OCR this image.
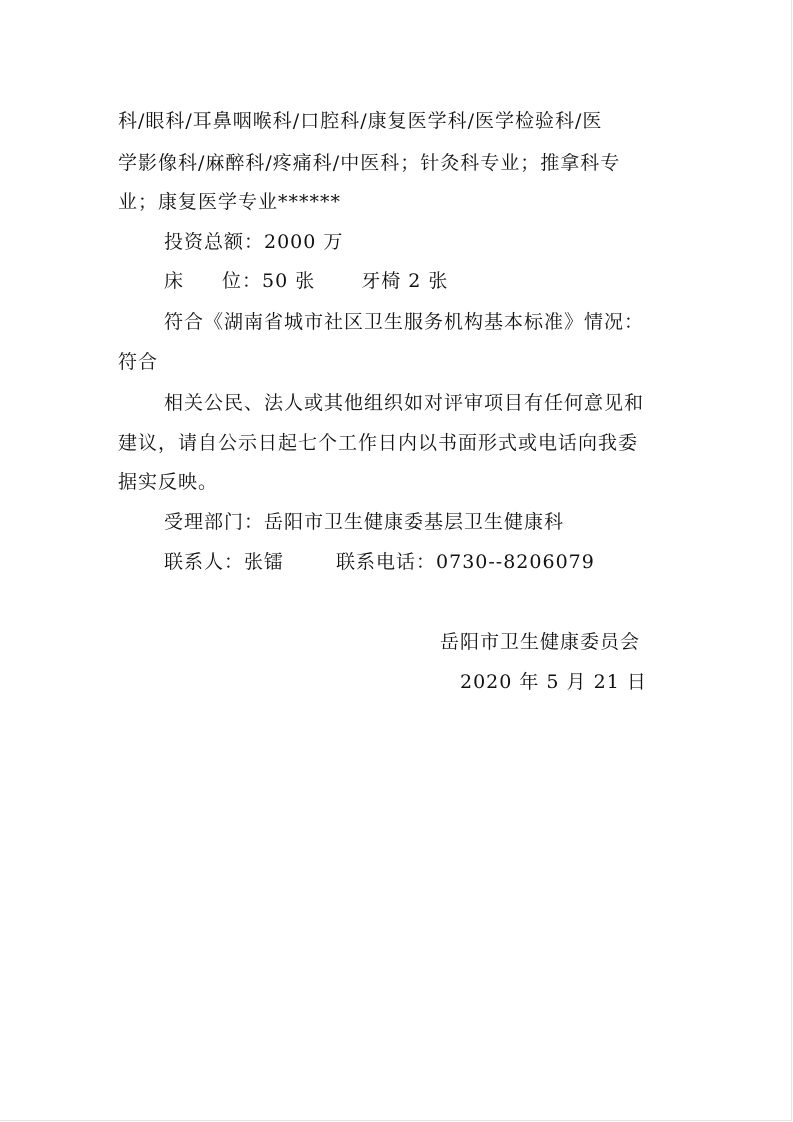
科/眼科/耳鼻咽喉科/口腔科/康复医学科/医学检验科/医
学影像科/麻醉科/疼痛科/中医科；针灸科专业；推拿科专
业；康复医学专业******
投资总额：2000 万
床 位：50 张 牙椅 2 张
符合《湖南省城市社区卫生服务机构基本标准》情况：
符合
相关公民、法人或其他组织如对评审项目有任何意见和
建议，请自公示日起七个工作日内以书面形式或电话向我委
据实反映。
受理部门：岳阳市卫生健康委基层卫生健康科
联系人：张镭	联系电话：0730--8206079
岳阳市卫生健康委员会
2020 年 5 月 21 日
